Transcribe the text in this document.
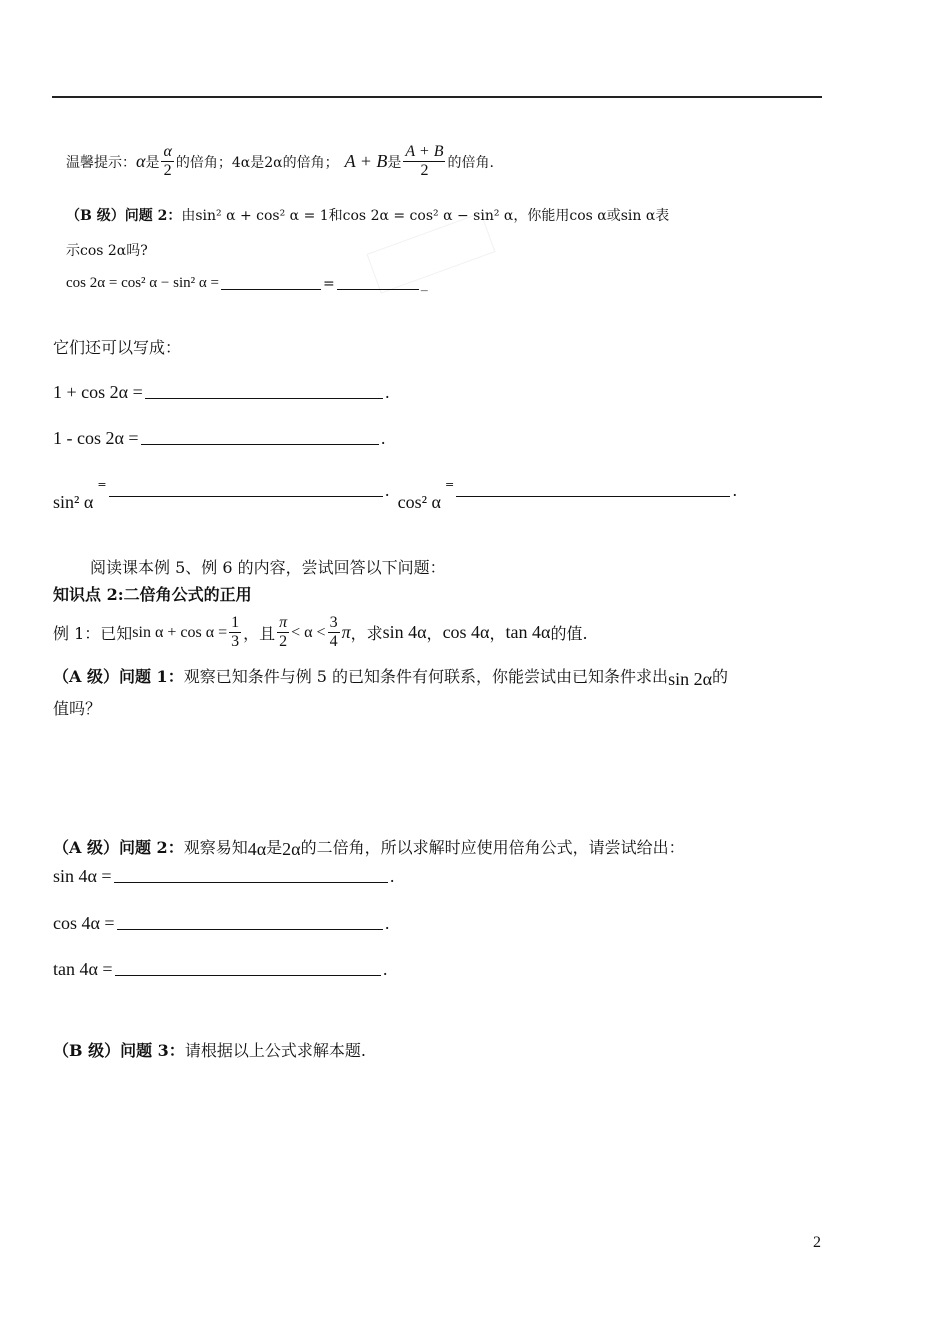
温馨提示： α 是 $\frac{\alpha}{2}$ 的倍角；4α是2α的倍角； A + B 是 $\frac{A + B}{2}$ 的倍角.
（B 级）问题 2： 由sin² α + cos² α = 1和cos 2α = cos² α − sin² α，你能用cos α或sin α表
示cos 2α吗?
cos 2α = cos² α − sin² α =	=	_
它们还可以写成：
1 + cos 2α =	.
1 - cos 2α =	.
sin² α
=	.
cos² α
=	.
阅读课本例 5、例 6 的内容，尝试回答以下问题：
知识点 2:二倍角公式的正用
例 1：已知 $\sin \alpha + \cos \alpha = \frac{1}{3}$ ，且 $\frac{\pi}{2} < \alpha < \frac{3}{4}$ π ，求 sin 4α ， cos 4α ， tan 4α 的值.
（A 级）问题 1： 观察已知条件与例 5 的已知条件有何联系，你能尝试由已知条件求出 sin 2α 的
值吗？
（A 级）问题 2： 观察易知 4α 是 2α 的二倍角，所以求解时应使用倍角公式，请尝试给出：
sin 4α =	.
cos 4α =	.
tan 4α =	.
（B 级）问题 3： 请根据以上公式求解本题.
2
